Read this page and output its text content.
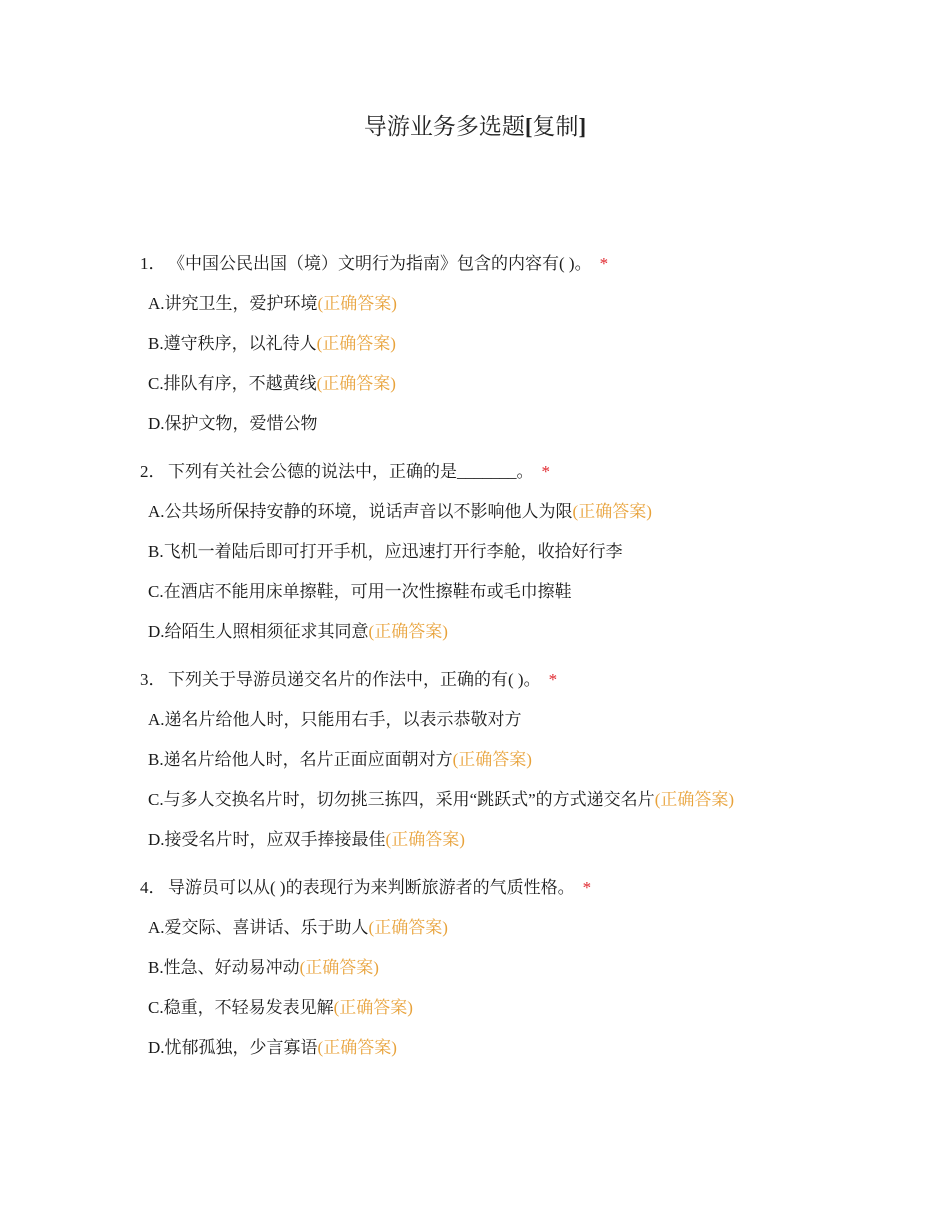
导游业务多选题[复制]
1． 《中国公民出国（境）文明行为指南》包含的内容有( )。 *
A.讲究卫生，爱护环境(正确答案)
B.遵守秩序，以礼待人(正确答案)
C.排队有序，不越黄线(正确答案)
D.保护文物，爱惜公物
2． 下列有关社会公德的说法中，正确的是_______。 *
A.公共场所保持安静的环境，说话声音以不影响他人为限(正确答案)
B.飞机一着陆后即可打开手机，应迅速打开行李舱，收拾好行李
C.在酒店不能用床单擦鞋，可用一次性擦鞋布或毛巾擦鞋
D.给陌生人照相须征求其同意(正确答案)
3． 下列关于导游员递交名片的作法中，正确的有( )。 *
A.递名片给他人时，只能用右手，以表示恭敬对方
B.递名片给他人时，名片正面应面朝对方(正确答案)
C.与多人交换名片时，切勿挑三拣四，采用“跳跃式”的方式递交名片(正确答案)
D.接受名片时，应双手捧接最佳(正确答案)
4． 导游员可以从( )的表现行为来判断旅游者的气质性格。 *
A.爱交际、喜讲话、乐于助人(正确答案)
B.性急、好动易冲动(正确答案)
C.稳重，不轻易发表见解(正确答案)
D.忧郁孤独，少言寡语(正确答案)
